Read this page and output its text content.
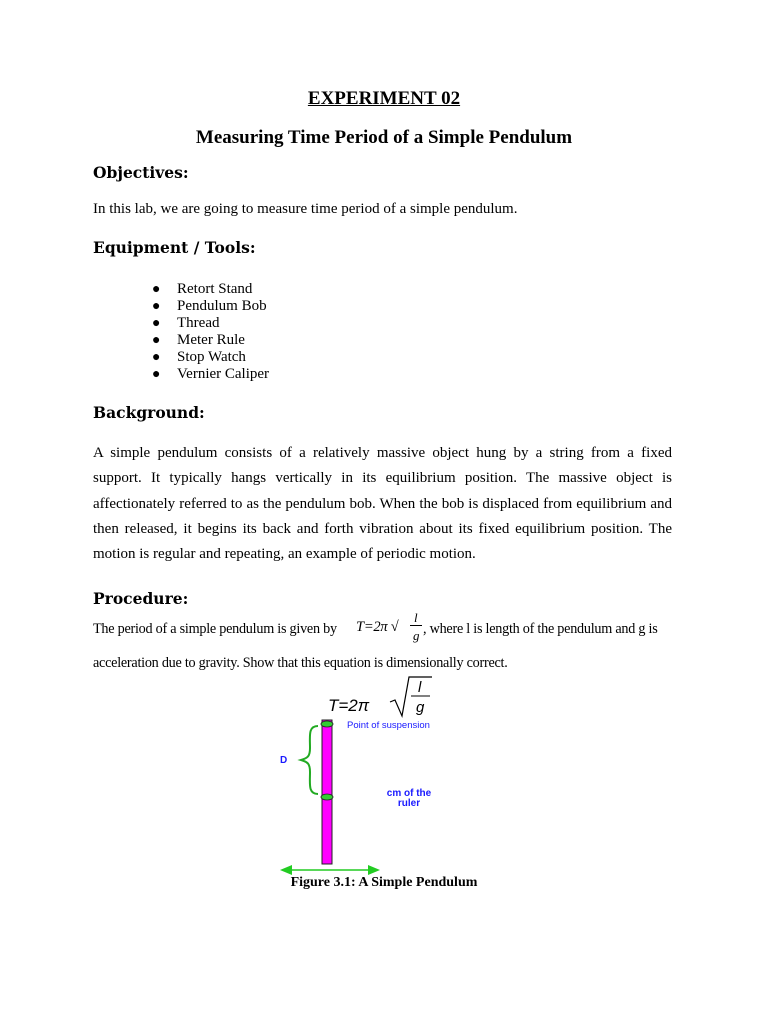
EXPERIMENT 02
Measuring Time Period of a Simple Pendulum
Objectives:
In this lab, we are going to measure time period of a simple pendulum.
Equipment / Tools:
● Retort Stand
● Pendulum Bob
● Thread
● Meter Rule
● Stop Watch
● Vernier Caliper
Background:
A simple pendulum consists of a relatively massive object hung by a string from a fixed support. It typically hangs vertically in its equilibrium position. The massive object is affectionately referred to as the pendulum bob. When the bob is displaced from equilibrium and then released, it begins its back and forth vibration about its fixed equilibrium position. The motion is regular and repeating, an example of periodic motion.
Procedure:
The period of a simple pendulum is given by T=2π √
l
g , where l is length of the pendulum and g is
acceleration due to gravity. Show that this equation is dimensionally correct.
T=2π
l
g
Point of suspension
cm of the
ruler
D
Figure 3.1: A Simple Pendulum
